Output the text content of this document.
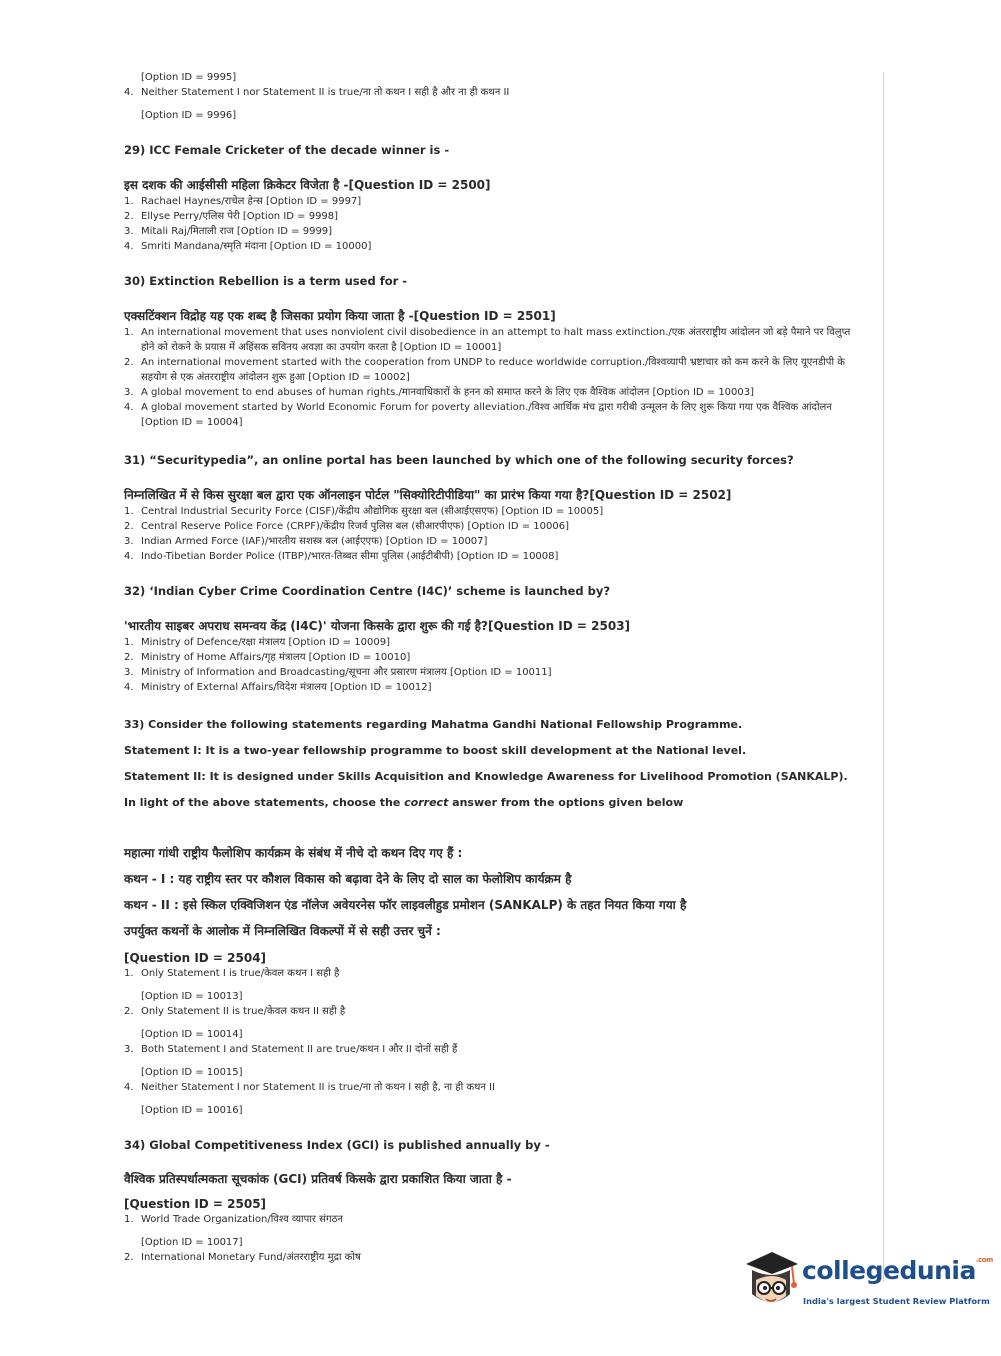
[Option ID = 9995]
4. Neither Statement I nor Statement II is true/ना तो कथन I सही है और ना ही कथन II
[Option ID = 9996]
29) ICC Female Cricketer of the decade winner is -
इस दशक की आईसीसी महिला क्रिकेटर विजेता है -[Question ID = 2500]
1. Rachael Haynes/राचेल हेन्स [Option ID = 9997]
2. Ellyse Perry/एलिस पेरी [Option ID = 9998]
3. Mitali Raj/मिताली राज [Option ID = 9999]
4. Smriti Mandana/स्मृति मंदाना [Option ID = 10000]
30) Extinction Rebellion is a term used for -
एक्सटिंक्शन विद्रोह यह एक शब्द है जिसका प्रयोग किया जाता है -[Question ID = 2501]
1. An international movement that uses nonviolent civil disobedience in an attempt to halt mass extinction./एक अंतरराष्ट्रीय आंदोलन जो बड़े पैमाने पर विलुप्त
होने को रोकने के प्रयास में अहिंसक सविनय अवज्ञा का उपयोग करता है [Option ID = 10001]
2. An international movement started with the cooperation from UNDP to reduce worldwide corruption./विश्वव्यापी भ्रष्टाचार को कम करने के लिए यूएनडीपी के
सहयोग से एक अंतरराष्ट्रीय आंदोलन शुरू हुआ [Option ID = 10002]
3. A global movement to end abuses of human rights./मानवाधिकारों के हनन को समाप्त करने के लिए एक वैश्विक आंदोलन [Option ID = 10003]
4. A global movement started by World Economic Forum for poverty alleviation./विश्व आर्थिक मंच द्वारा गरीबी उन्मूलन के लिए शुरू किया गया एक वैश्विक आंदोलन
[Option ID = 10004]
31) “Securitypedia”, an online portal has been launched by which one of the following security forces?
निम्नलिखित में से किस सुरक्षा बल द्वारा एक ऑनलाइन पोर्टल "सिक्योरिटीपीडिया" का प्रारंभ किया गया है?[Question ID = 2502]
1. Central Industrial Security Force (CISF)/केंद्रीय औद्योगिक सुरक्षा बल (सीआईएसएफ) [Option ID = 10005]
2. Central Reserve Police Force (CRPF)/केंद्रीय रिजर्व पुलिस बल (सीआरपीएफ) [Option ID = 10006]
3. Indian Armed Force (IAF)/भारतीय सशस्त्र बल (आईएएफ) [Option ID = 10007]
4. Indo-Tibetian Border Police (ITBP)/भारत-तिब्बत सीमा पुलिस (आईटीबीपी) [Option ID = 10008]
32) ‘Indian Cyber Crime Coordination Centre (I4C)’ scheme is launched by?
'भारतीय साइबर अपराध समन्वय केंद्र (I4C)' योजना किसके द्वारा शुरू की गई है?[Question ID = 2503]
1. Ministry of Defence/रक्षा मंत्रालय [Option ID = 10009]
2. Ministry of Home Affairs/गृह मंत्रालय [Option ID = 10010]
3. Ministry of Information and Broadcasting/सूचना और प्रसारण मंत्रालय [Option ID = 10011]
4. Ministry of External Affairs/विदेश मंत्रालय [Option ID = 10012]
33) Consider the following statements regarding Mahatma Gandhi National Fellowship Programme.
Statement I: It is a two-year fellowship programme to boost skill development at the National level.
Statement II: It is designed under Skills Acquisition and Knowledge Awareness for Livelihood Promotion (SANKALP).
In light of the above statements, choose the correct answer from the options given below
महात्मा गांधी राष्ट्रीय फैलोशिप कार्यक्रम के संबंध में नीचे दो कथन दिए गए हैं :
कथन - I : यह राष्ट्रीय स्तर पर कौशल विकास को बढ़ावा देने के लिए दो साल का फेलोशिप कार्यक्रम है
कथन - II : इसे स्किल एक्विजिशन एंड नॉलेज अवेयरनेस फॉर लाइवलीहुड प्रमोशन (SANKALP) के तहत नियत किया गया है
उपर्युक्त कथनों के आलोक में निम्नलिखित विकल्पों में से सही उत्तर चुनें :
[Question ID = 2504]
1. Only Statement I is true/केवल कथन I सही है
[Option ID = 10013]
2. Only Statement II is true/केवल कथन II सही है
[Option ID = 10014]
3. Both Statement I and Statement II are true/कथन I और II दोनों सही हैं
[Option ID = 10015]
4. Neither Statement I nor Statement II is true/ना तो कथन I सही है, ना ही कथन II
[Option ID = 10016]
34) Global Competitiveness Index (GCI) is published annually by -
वैश्विक प्रतिस्पर्धात्मकता सूचकांक (GCI) प्रतिवर्ष किसके द्वारा प्रकाशित किया जाता है -
[Question ID = 2505]
1. World Trade Organization/विश्व व्यापार संगठन
[Option ID = 10017]
2. International Monetary Fund/अंतरराष्ट्रीय मुद्रा कोष	collegedunia$^{.com}$
India's largest Student Review Platform
